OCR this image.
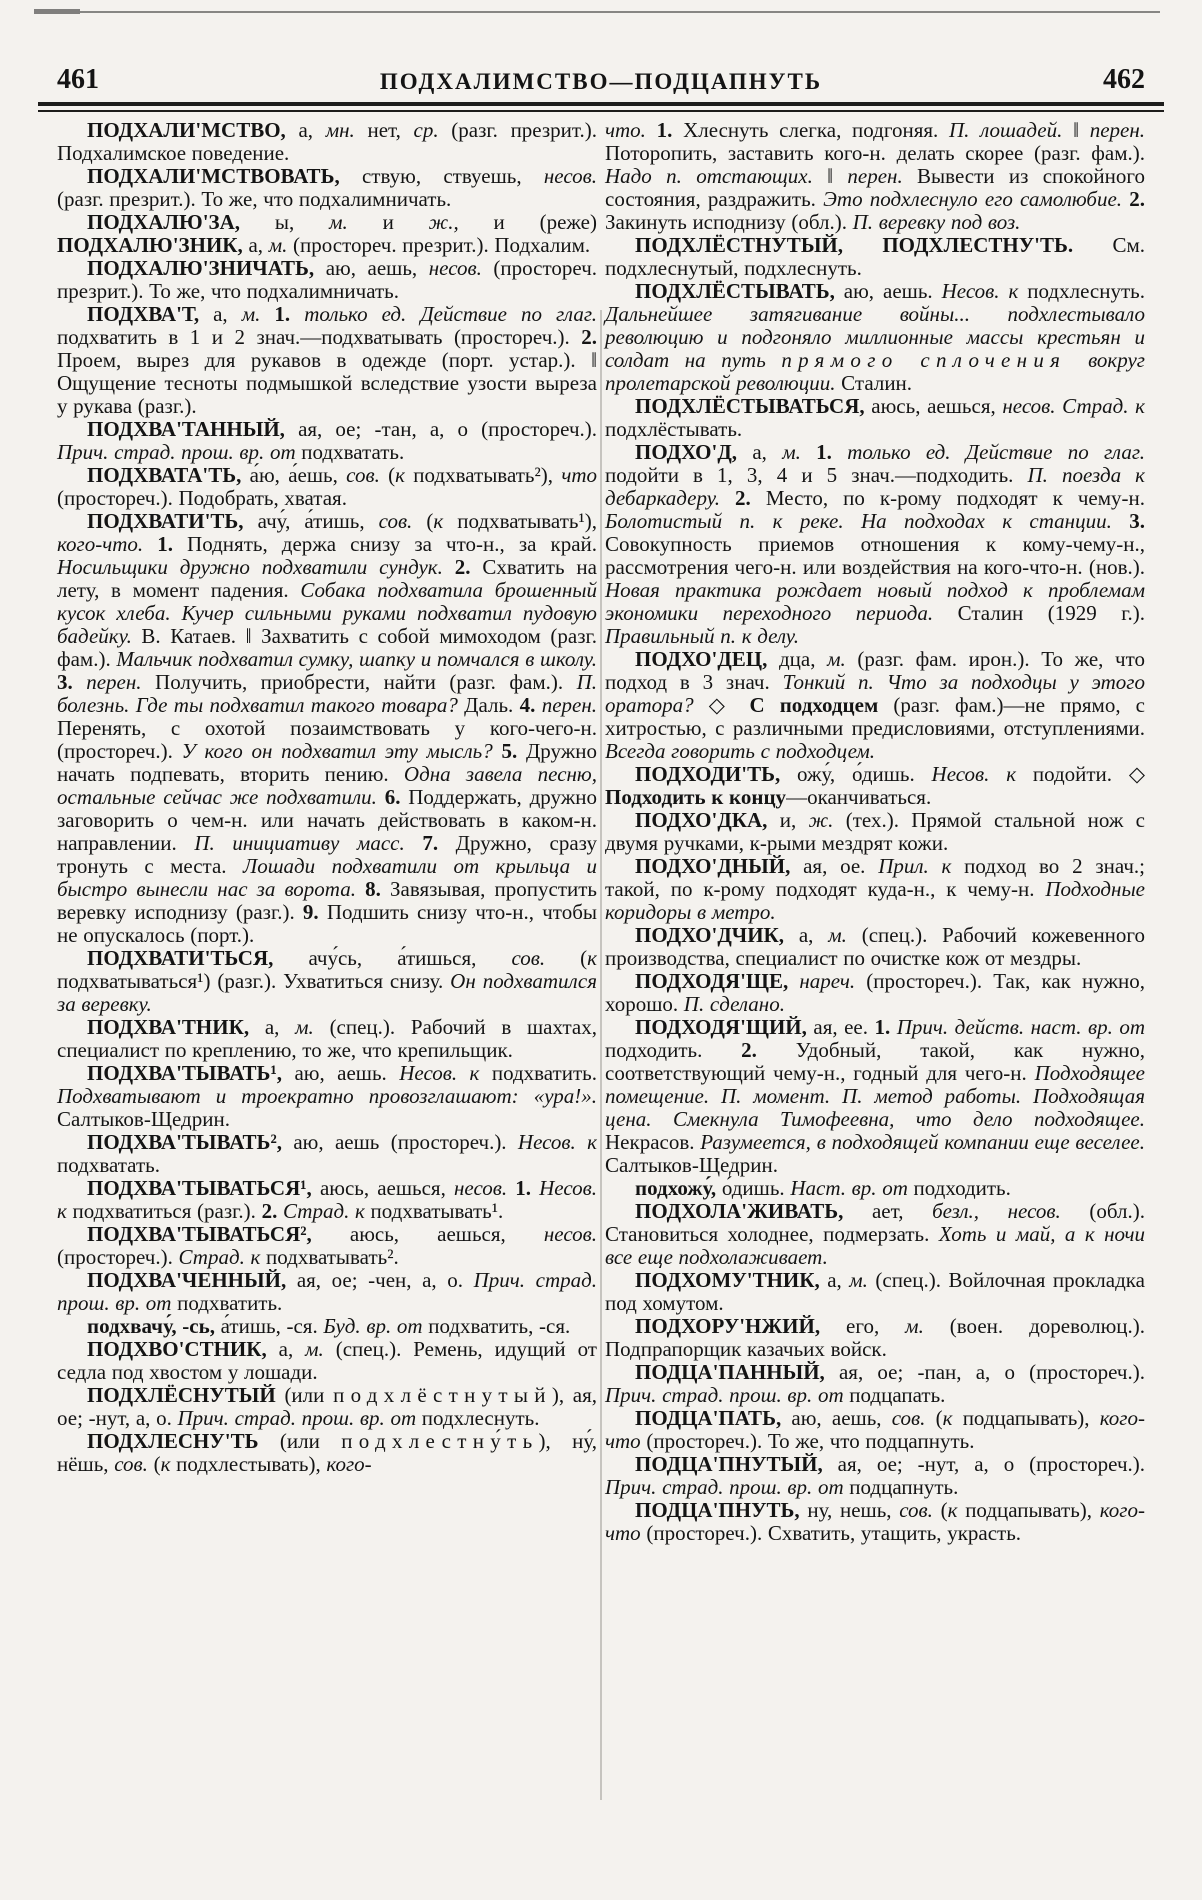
461	ПОДХАЛИМСТВО—ПОДЦАПНУТЬ	462

ПОДХАЛИ'МСТВО, а, мн. нет, ср. (разг. презрит.). Подхалимское поведение.

ПОДХАЛИ'МСТВОВАТЬ, ствую, ствуешь, несов. (разг. презрит.). То же, что подхалимничать.

ПОДХАЛЮ'ЗА, ы, м. и ж., и (реже) ПОДХАЛЮ'ЗНИК, а, м. (простореч. презрит.). Подхалим.

ПОДХАЛЮ'ЗНИЧАТЬ, аю, аешь, несов. (простореч. презрит.). То же, что подхалимничать.

ПОДХВА'Т, а, м. 1. только ед. Действие по глаг. подхватить в 1 и 2 знач.—подхватывать (простореч.). 2. Проем, вырез для рукавов в одежде (порт. устар.). ‖ Ощущение тесноты подмышкой вследствие узости выреза у рукава (разг.).

ПОДХВА'ТАННЫЙ, ая, ое; -тан, а, о (простореч.). Прич. страд. прош. вр. от подхватать.

ПОДХВАТА'ТЬ, а́ю, а́ешь, сов. (к подхватывать²), что (простореч.). Подобрать, хватая.

ПОДХВАТИ'ТЬ, ачу́, а́тишь, сов. (к подхватывать¹), кого-что. 1. Поднять, держа снизу за что-н., за край. Носильщики дружно подхватили сундук. 2. Схватить на лету, в момент падения. Собака подхватила брошенный кусок хлеба. Кучер сильными руками подхватил пудовую бадейку. В. Катаев. ‖ Захватить с собой мимоходом (разг. фам.). Мальчик подхватил сумку, шапку и помчался в школу. 3. перен. Получить, приобрести, найти (разг. фам.). П. болезнь. Где ты подхватил такого товара? Даль. 4. перен. Перенять, с охотой позаимствовать у кого-чего-н. (простореч.). У кого он подхватил эту мысль? 5. Дружно начать подпевать, вторить пению. Одна завела песню, остальные сейчас же подхватили. 6. Поддержать, дружно заговорить о чем-н. или начать действовать в каком-н. направлении. П. инициативу масс. 7. Дружно, сразу тронуть с места. Лошади подхватили от крыльца и быстро вынесли нас за ворота. 8. Завязывая, пропустить веревку исподнизу (разг.). 9. Подшить снизу что-н., чтобы не опускалось (порт.).

ПОДХВАТИ'ТЬСЯ, ачу́сь, а́тишься, сов. (к подхватываться¹) (разг.). Ухватиться снизу. Он подхватился за веревку.

ПОДХВА'ТНИК, а, м. (спец.). Рабочий в шахтах, специалист по креплению, то же, что крепильщик.

ПОДХВА'ТЫВАТЬ¹, аю, аешь. Несов. к подхватить. Подхватывают и троекратно провозглашают: «ура!». Салтыков-Щедрин.

ПОДХВА'ТЫВАТЬ², аю, аешь (простореч.). Несов. к подхватать.

ПОДХВА'ТЫВАТЬСЯ¹, аюсь, аешься, несов. 1. Несов. к подхватиться (разг.). 2. Страд. к подхватывать¹.

ПОДХВА'ТЫВАТЬСЯ², аюсь, аешься, несов. (простореч.). Страд. к подхватывать².

ПОДХВА'ЧЕННЫЙ, ая, ое; -чен, а, о. Прич. страд. прош. вр. от подхватить.

подхвачу́, -сь, а́тишь, -ся. Буд. вр. от подхватить, -ся.

ПОДХВО'СТНИК, а, м. (спец.). Ремень, идущий от седла под хвостом у лошади.

ПОДХЛЁСНУТЫЙ (или подхлёстнутый), ая, ое; -нут, а, о. Прич. страд. прош. вр. от подхлеснуть.

ПОДХЛЕСНУ'ТЬ (или подхлестну́ть), ну́, нёшь, сов. (к подхлестывать), кого-

что. 1. Хлеснуть слегка, подгоняя. П. лошадей. ‖ перен. Поторопить, заставить кого-н. делать скорее (разг. фам.). Надо п. отстающих. ‖ перен. Вывести из спокойного состояния, раздражить. Это подхлеснуло его самолюбие. 2. Закинуть исподнизу (обл.). П. веревку под воз.

ПОДХЛЁСТНУТЫЙ, ПОДХЛЕСТНУ'ТЬ. См. подхлеснутый, подхлеснуть.

ПОДХЛЁСТЫВАТЬ, аю, аешь. Несов. к подхлеснуть. Дальнейшее затягивание войны... подхлестывало революцию и подгоняло миллионные массы крестьян и солдат на путь прямого сплочения вокруг пролетарской революции. Сталин.

ПОДХЛЁСТЫВАТЬСЯ, аюсь, аешься, несов. Страд. к подхлёстывать.

ПОДХО'Д, а, м. 1. только ед. Действие по глаг. подойти в 1, 3, 4 и 5 знач.—подходить. П. поезда к дебаркадеру. 2. Место, по к-рому подходят к чему-н. Болотистый п. к реке. На подходах к станции. 3. Совокупность приемов отношения к кому-чему-н., рассмотрения чего-н. или воздействия на кого-что-н. (нов.). Новая практика рождает новый подход к проблемам экономики переходного периода. Сталин (1929 г.). Правильный п. к делу.

ПОДХО'ДЕЦ, дца, м. (разг. фам. ирон.). То же, что подход в 3 знач. Тонкий п. Что за подходцы у этого оратора? ◇ С подходцем (разг. фам.)—не прямо, с хитростью, с различными предисловиями, отступлениями. Всегда говорить с подходцем.

ПОДХОДИ'ТЬ, ожу́, о́дишь. Несов. к подойти. ◇ Подходить к концу—оканчиваться.

ПОДХО'ДКА, и, ж. (тех.). Прямой стальной нож с двумя ручками, к-рыми мездрят кожи.

ПОДХО'ДНЫЙ, ая, ое. Прил. к подход во 2 знач.; такой, по к-рому подходят куда-н., к чему-н. Подходные коридоры в метро.

ПОДХО'ДЧИК, а, м. (спец.). Рабочий кожевенного производства, специалист по очистке кож от мездры.

ПОДХОДЯ'ЩЕ, нареч. (простореч.). Так, как нужно, хорошо. П. сделано.

ПОДХОДЯ'ЩИЙ, ая, ее. 1. Прич. действ. наст. вр. от подходить. 2. Удобный, такой, как нужно, соответствующий чему-н., годный для чего-н. Подходящее помещение. П. момент. П. метод работы. Подходящая цена. Смекнула Тимофеевна, что дело подходящее. Некрасов. Разумеется, в подходящей компании еще веселее. Салтыков-Щедрин.

подхожу́, о́дишь. Наст. вр. от подходить.

ПОДХОЛА'ЖИВАТЬ, ает, безл., несов. (обл.). Становиться холоднее, подмерзать. Хоть и май, а к ночи все еще подхолаживает.

ПОДХОМУ'ТНИК, а, м. (спец.). Войлочная прокладка под хомутом.

ПОДХОРУ'НЖИЙ, его, м. (воен. дореволюц.). Подпрапорщик казачьих войск.

ПОДЦА'ПАННЫЙ, ая, ое; -пан, а, о (простореч.). Прич. страд. прош. вр. от подцапать.

ПОДЦА'ПАТЬ, аю, аешь, сов. (к подцапывать), кого-что (простореч.). То же, что подцапнуть.

ПОДЦА'ПНУТЫЙ, ая, ое; -нут, а, о (простореч.). Прич. страд. прош. вр. от подцапнуть.

ПОДЦА'ПНУТЬ, ну, нешь, сов. (к подцапывать), кого-что (простореч.). Схватить, утащить, украсть.
